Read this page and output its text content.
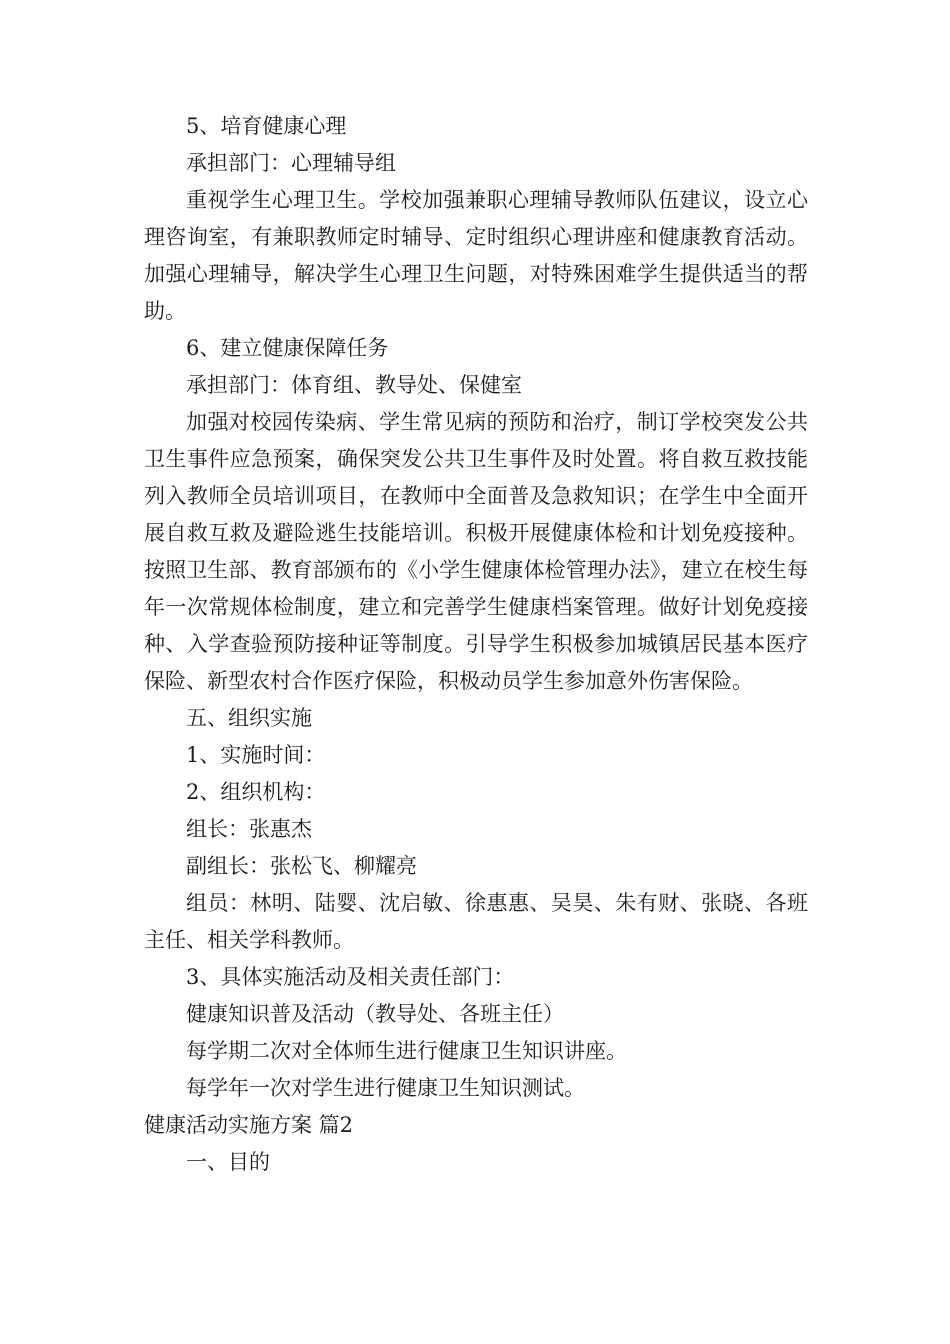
5、培育健康心理

承担部门：心理辅导组

重视学生心理卫生。学校加强兼职心理辅导教师队伍建议，设立心理咨询室，有兼职教师定时辅导、定时组织心理讲座和健康教育活动。加强心理辅导，解决学生心理卫生问题，对特殊困难学生提供适当的帮助。

6、建立健康保障任务

承担部门：体育组、教导处、保健室

加强对校园传染病、学生常见病的预防和治疗，制订学校突发公共卫生事件应急预案，确保突发公共卫生事件及时处置。将自救互救技能列入教师全员培训项目，在教师中全面普及急救知识；在学生中全面开展自救互救及避险逃生技能培训。积极开展健康体检和计划免疫接种。按照卫生部、教育部颁布的《小学生健康体检管理办法》，建立在校生每年一次常规体检制度，建立和完善学生健康档案管理。做好计划免疫接种、入学查验预防接种证等制度。引导学生积极参加城镇居民基本医疗保险、新型农村合作医疗保险，积极动员学生参加意外伤害保险。

五、组织实施

1、实施时间：

2、组织机构：

组长：张惠杰

副组长：张松飞、柳耀亮

组员：林明、陆婴、沈启敏、徐惠惠、吴昊、朱有财、张晓、各班主任、相关学科教师。

3、具体实施活动及相关责任部门：

健康知识普及活动（教导处、各班主任）

每学期二次对全体师生进行健康卫生知识讲座。

每学年一次对学生进行健康卫生知识测试。

健康活动实施方案 篇2

一、目的
